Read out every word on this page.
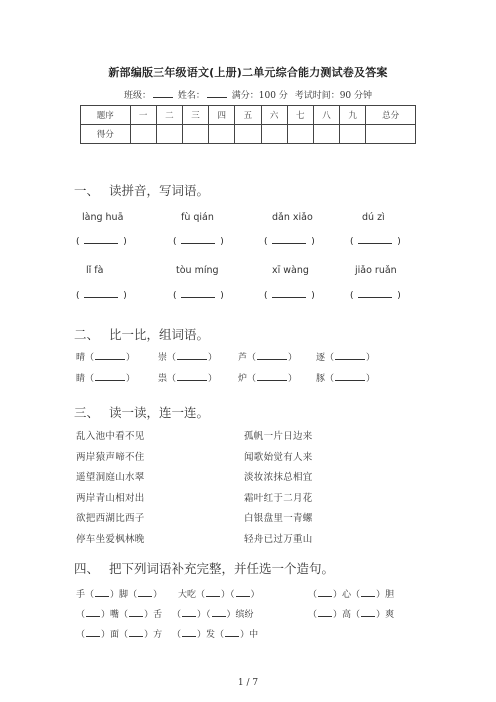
新部编版三年级语文(上册)二单元综合能力测试卷及答案
班级：	姓名：	满分：100 分 考试时间：90 分钟
题序	一	二	三	四	五	六	七	八	九	总分
得分										
一、 读拼音，写词语。
làng huā	fù qián	dǎn xiǎo	dú zì
(	)	(	)	(	)	(	)
lǐ fà	tòu míng	xī wàng	jiǎo ruǎn
(	)	(	)	(	)	(	)
二、 比一比，组词语。
晴（	）	崇（	） 芦（	） 逐（	）
睛（	）	祟（	） 炉（	） 豚（	）
三、 读一读，连一连。
乱入池中看不见
两岸猿声啼不住
遥望洞庭山水翠
两岸青山相对出
欲把西湖比西子
停车坐爱枫林晚
孤帆一片日边来
闻歌始觉有人来
淡妆浓抹总相宜
霜叶红于二月花
白银盘里一青螺
轻舟已过万重山
四、 把下列词语补充完整，并任选一个造句。
手（ ）脚（ ） 大吃（ ）（ ）	（ ）心（ ）胆
（ ）嘴（ ）舌 （ ）（ ）缤纷	（ ）高（ ）爽
（ ）面（ ）方 （ ）发（ ）中
1 / 7
